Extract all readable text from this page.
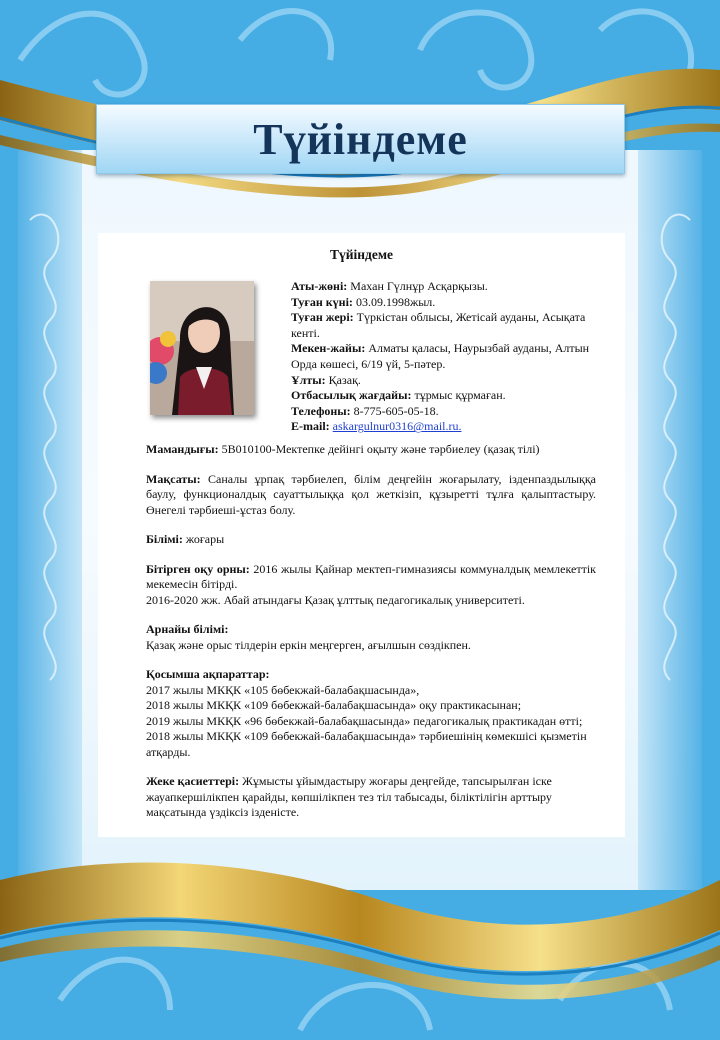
Түйіндеме
Түйіндеме
Аты-жөні: Махан Гүлнұр Асқарқызы.
Туған күні: 03.09.1998жыл.
Туған жері: Түркістан облысы, Жетісай ауданы, Асықата кенті.
Мекен-жайы: Алматы қаласы, Наурызбай ауданы, Алтын Орда көшесі, 6/19 үй, 5-пәтер.
Ұлты: Қазақ.
Отбасылық жағдайы: тұрмыс құрмаған.
Телефоны: 8-775-605-05-18.
E-mail: askargulnur0316@mail.ru.

Мамандығы: 5В010100-Мектепке дейінгі оқыту және тәрбиелеу (қазақ тілі)

Мақсаты: Саналы ұрпақ тәрбиелеп, білім деңгейін жоғарылату, ізденпаздылыққа баулу, функционалдық сауаттылыққа қол жеткізіп, құзыретті тұлға қалыптастыру. Өнегелі тәрбиеші-ұстаз болу.

Білімі: жоғары

Бітірген оқу орны: 2016 жылы Қайнар мектеп-гимназиясы коммуналдық мемлекеттік мекемесін бітірді.
2016-2020 жж. Абай атындағы Қазақ ұлттық педагогикалық университеті.

Арнайы білімі:
Қазақ және орыс тілдерін еркін меңгерген, ағылшын сөздікпен.

Қосымша ақпараттар:
2017 жылы МКҚК «105 бөбекжай-балабақшасында»,
2018 жылы МКҚК «109 бөбекжай-балабақшасында» оқу практикасынан;
2019 жылы МКҚК «96 бөбекжай-балабақшасында» педагогикалық практикадан өтті;
2018 жылы МКҚК «109 бөбекжай-балабақшасында» тәрбиешінің көмекшісі қызметін атқарды.

Жеке қасиеттері: Жұмысты ұйымдастыру жоғары деңгейде, тапсырылған іске жауапкершілікпен қарайды, көпшілікпен тез тіл табысады, біліктілігін арттыру мақсатында үздіксіз ізденісте.
